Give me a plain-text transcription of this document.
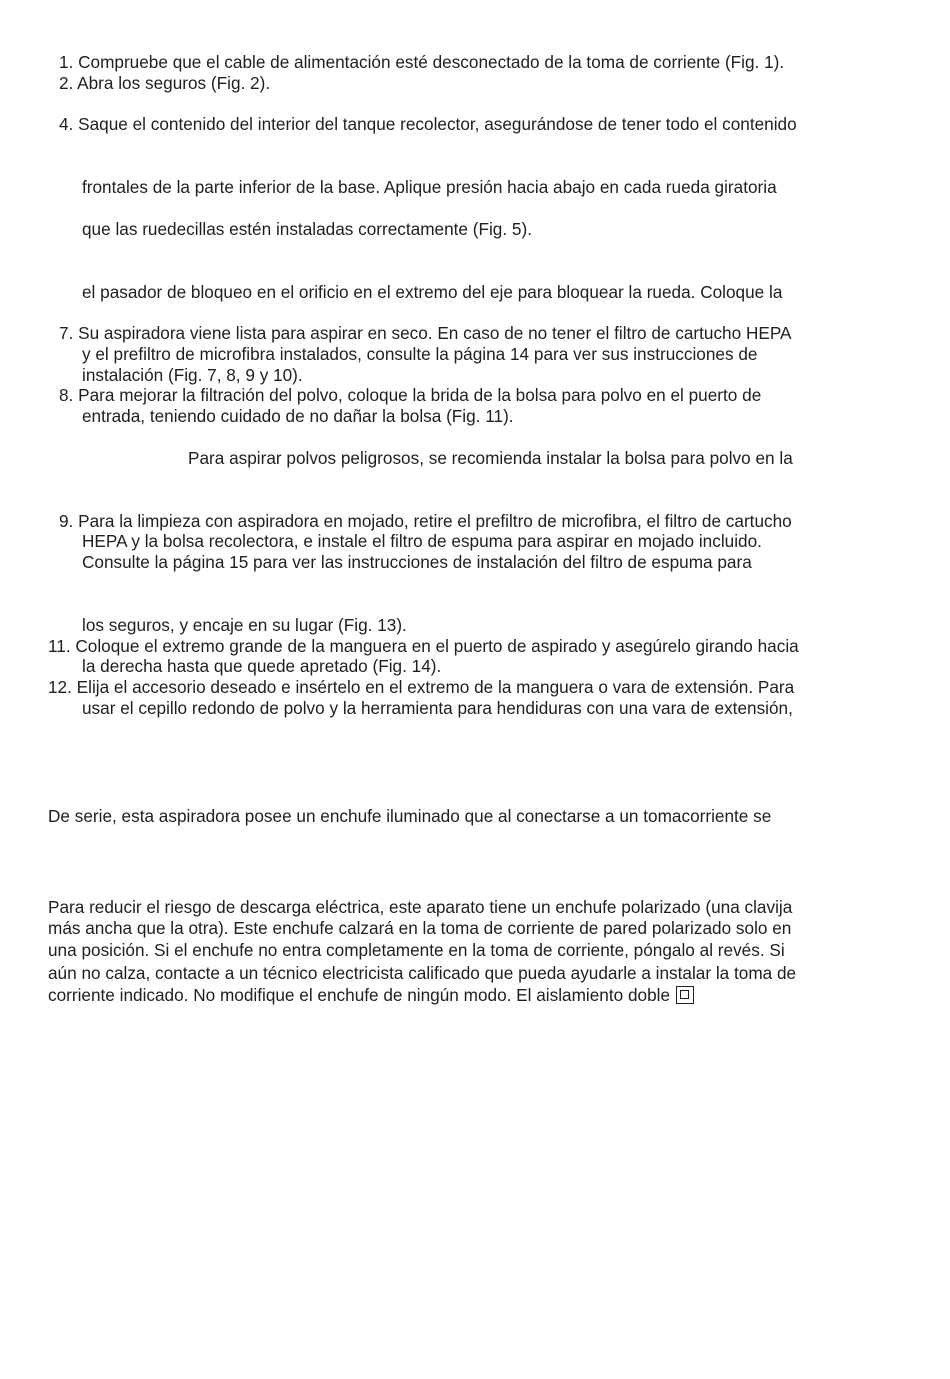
1. Compruebe que el cable de alimentación esté desconectado de la toma de corriente (Fig. 1).

2. Abra los seguros (Fig. 2).

4. Saque el contenido del interior del tanque recolector, asegurándose de tener todo el contenido

frontales de la parte inferior de la base. Aplique presión hacia abajo en cada rueda giratoria

que las ruedecillas estén instaladas correctamente (Fig. 5).

el pasador de bloqueo en el orificio en el extremo del eje para bloquear la rueda. Coloque la

7. Su aspiradora viene lista para aspirar en seco. En caso de no tener el filtro de cartucho HEPA

y el prefiltro de microfibra instalados, consulte la página 14 para ver sus instrucciones de

instalación (Fig. 7, 8, 9 y 10).

8. Para mejorar la filtración del polvo, coloque la brida de la bolsa para polvo en el puerto de

entrada, teniendo cuidado de no dañar la bolsa (Fig. 11).

Para aspirar polvos peligrosos, se recomienda instalar la bolsa para polvo en la

9. Para la limpieza con aspiradora en mojado, retire el prefiltro de microfibra, el filtro de cartucho

HEPA y la bolsa recolectora, e instale el filtro de espuma para aspirar en mojado incluido.

Consulte la página 15 para ver las instrucciones de instalación del filtro de espuma para

los seguros, y encaje en su lugar (Fig. 13).

11. Coloque el extremo grande de la manguera en el puerto de aspirado y asegúrelo girando hacia

la derecha hasta que quede apretado (Fig. 14).

12. Elija el accesorio deseado e insértelo en el extremo de la manguera o vara de extensión. Para

usar el cepillo redondo de polvo y la herramienta para hendiduras con una vara de extensión,

De serie, esta aspiradora posee un enchufe iluminado que al conectarse a un tomacorriente se

Para reducir el riesgo de descarga eléctrica, este aparato tiene un enchufe polarizado (una clavija

más ancha que la otra). Este enchufe calzará en la toma de corriente de pared polarizado solo en

una posición. Si el enchufe no entra completamente en la toma de corriente, póngalo al revés. Si

aún no calza, contacte a un técnico electricista calificado que pueda ayudarle a instalar la toma de

corriente indicado. No modifique el enchufe de ningún modo. El aislamiento doble
